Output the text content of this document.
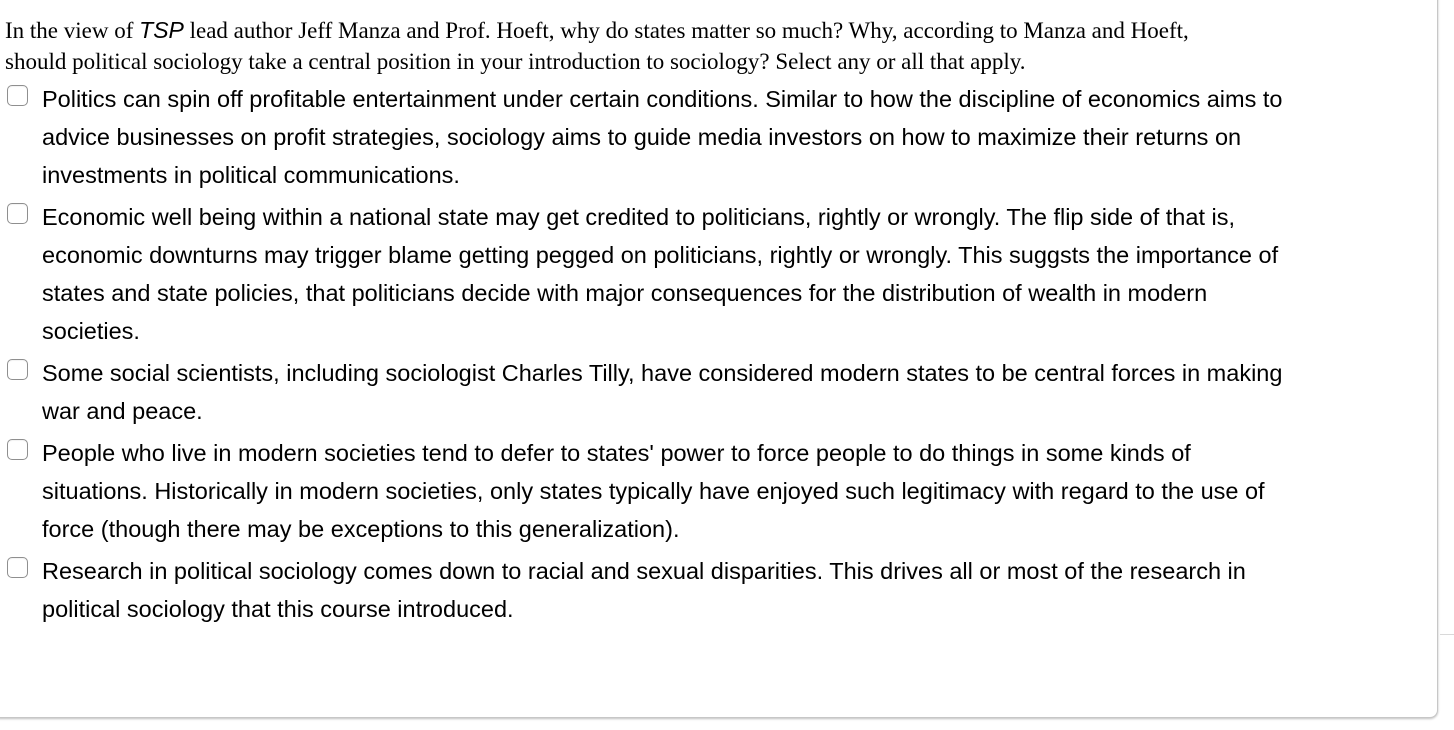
In the view of TSP lead author Jeff Manza and Prof. Hoeft, why do states matter so much? Why, according to Manza and Hoeft,
should political sociology take a central position in your introduction to sociology? Select any or all that apply.

Politics can spin off profitable entertainment under certain conditions. Similar to how the discipline of economics aims to
advice businesses on profit strategies, sociology aims to guide media investors on how to maximize their returns on
investments in political communications.
Economic well being within a national state may get credited to politicians, rightly or wrongly. The flip side of that is,
economic downturns may trigger blame getting pegged on politicians, rightly or wrongly. This suggsts the importance of
states and state policies, that politicians decide with major consequences for the distribution of wealth in modern
societies.
Some social scientists, including sociologist Charles Tilly, have considered modern states to be central forces in making
war and peace.
People who live in modern societies tend to defer to states' power to force people to do things in some kinds of
situations. Historically in modern societies, only states typically have enjoyed such legitimacy with regard to the use of
force (though there may be exceptions to this generalization).
Research in political sociology comes down to racial and sexual disparities. This drives all or most of the research in
political sociology that this course introduced.
